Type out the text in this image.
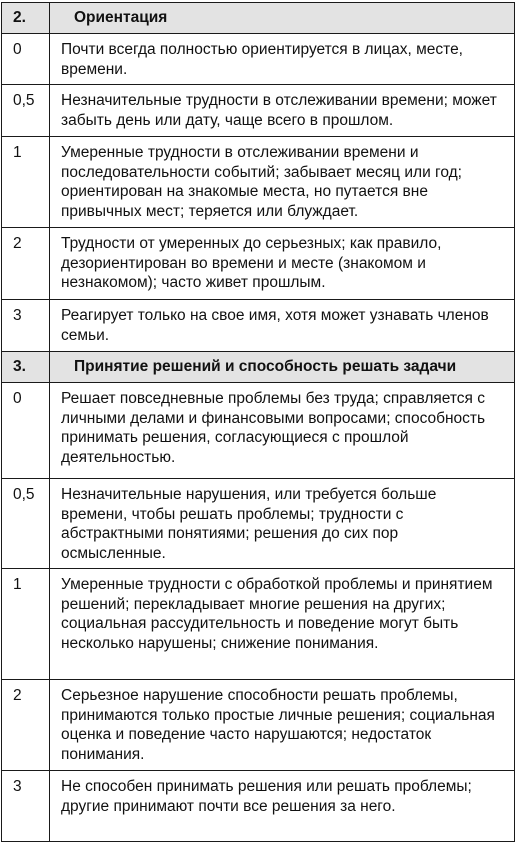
2.	Ориентация
0	Почти всегда полностью ориентируется в лицах, месте, времени.
0,5	Незначительные трудности в отслеживании времени; может забыть день или дату, чаще всего в прошлом.
1	Умеренные трудности в отслеживании времени и последовательности событий; забывает месяц или год; ориентирован на знакомые места, но путается вне привычных мест; теряется или блуждает.
2	Трудности от умеренных до серьезных; как правило, дезориентирован во времени и месте (знакомом и незнакомом); часто живет прошлым.
3	Реагирует только на свое имя, хотя может узнавать членов семьи.
3.	Принятие решений и способность решать задачи
0	Решает повседневные проблемы без труда; справляется с личными делами и финансовыми вопросами; способность принимать решения, согласующиеся с прошлой деятельностью.
0,5	Незначительные нарушения, или требуется больше времени, чтобы решать проблемы; трудности с абстрактными понятиями; решения до сих пор осмысленные.
1	Умеренные трудности с обработкой проблемы и принятием решений; перекладывает многие решения на других; социальная рассудительность и поведение могут быть несколько нарушены; снижение понимания.
2	Серьезное нарушение способности решать проблемы, принимаются только простые личные решения; социальная оценка и поведение часто нарушаются; недостаток понимания.
3	Не способен принимать решения или решать проблемы; другие принимают почти все решения за него.
